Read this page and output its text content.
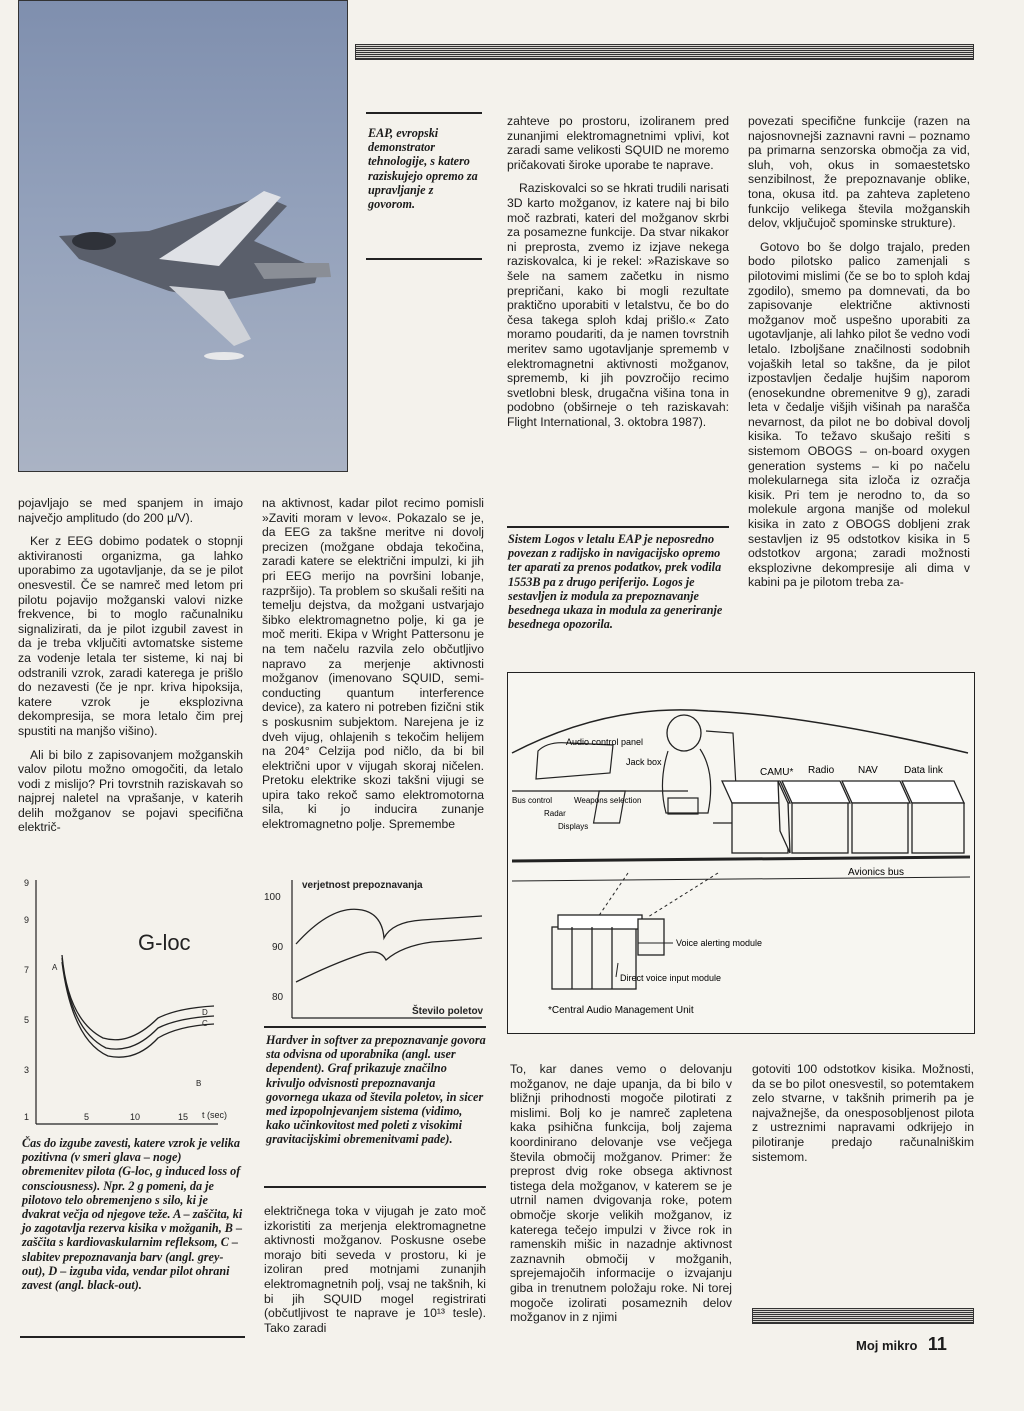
EAP, evropski demonstrator tehnologije, s katero raziskujejo opremo za upravljanje z govorom.

pojavljajo se med spanjem in imajo največjo amplitudo (do 200 µ/V).

Ker z EEG dobimo podatek o stopnji aktiviranosti organizma, ga lahko uporabimo za ugotavljanje, da se je pilot onesvestil. Če se namreč med letom pri pilotu pojavijo možganski valovi nizke frekvence, bi to moglo računalniku signalizirati, da je pilot izgubil zavest in da je treba vključiti avtomatske sisteme za vodenje letala ter sisteme, ki naj bi odstranili vzrok, zaradi katerega je prišlo do nezavesti (če je npr. kriva hipoksija, katere vzrok je eksplozivna dekompresija, se mora letalo čim prej spustiti na manjšo višino).

Ali bi bilo z zapisovanjem možganskih valov pilotu možno omogočiti, da letalo vodi z mislijo? Pri tovrstnih raziskavah so najprej naletel na vprašanje, v katerih delih možganov se pojavi specifična električ-

na aktivnost, kadar pilot recimo pomisli »Zaviti moram v levo«. Pokazalo se je, da EEG za takšne meritve ni dovolj precizen (možgane obdaja tekočina, zaradi katere se električni impulzi, ki jih pri EEG merijo na površini lobanje, razpršijo). Ta problem so skušali rešiti na temelju dejstva, da možgani ustvarjajo šibko elektromagnetno polje, ki ga je moč meriti. Ekipa v Wright Pattersonu je na tem načelu razvila zelo občutljivo napravo za merjenje aktivnosti možganov (imenovano SQUID, semi-conducting quantum interference device), za katero ni potreben fizični stik s poskusnim subjektom. Narejena je iz dveh vijug, ohlajenih s tekočim helijem na 204° Celzija pod ničlo, da bi bil električni upor v vijugah skoraj ničelen. Pretoku elektrike skozi takšni vijugi se upira tako rekoč samo elektromotorna sila, ki jo inducira zunanje elektromagnetno polje. Spremembe

zahteve po prostoru, izoliranem pred zunanjimi elektromagnetnimi vplivi, kot zaradi same velikosti SQUID ne moremo pričakovati široke uporabe te naprave.

Raziskovalci so se hkrati trudili narisati 3D karto možganov, iz katere naj bi bilo moč razbrati, kateri del možganov skrbi za posamezne funkcije. Da stvar nikakor ni preprosta, zvemo iz izjave nekega raziskovalca, ki je rekel: »Raziskave so šele na samem začetku in nismo prepričani, kako bi mogli rezultate praktično uporabiti v letalstvu, če bo do česa takega sploh kdaj prišlo.« Zato moramo poudariti, da je namen tovrstnih meritev samo ugotavljanje sprememb v elektromagnetni aktivnosti možganov, sprememb, ki jih povzročijo recimo svetlobni blesk, drugačna višina tona in podobno (obširneje o teh raziskavah: Flight International, 3. oktobra 1987).

povezati specifične funkcije (razen na najosnovnejši zaznavni ravni – poznamo pa primarna senzorska območja za vid, sluh, voh, okus in somaestetsko senzibilnost, že prepoznavanje oblike, tona, okusa itd. pa zahteva zapleteno funkcijo velikega števila možganskih delov, vključujoč spominske strukture).

Gotovo bo še dolgo trajalo, preden bodo pilotsko palico zamenjali s pilotovimi mislimi (če se bo to sploh kdaj zgodilo), smemo pa domnevati, da bo zapisovanje električne aktivnosti možganov moč uspešno uporabiti za ugotavljanje, ali lahko pilot še vedno vodi letalo. Izboljšane značilnosti sodobnih vojaških letal so takšne, da je pilot izpostavljen čedalje hujšim naporom (enosekundne obremenitve 9 g), zaradi leta v čedalje višjih višinah pa narašča nevarnost, da pilot ne bo dobival dovolj kisika. To težavo skušajo rešiti s sistemom OBOGS – on-board oxygen generation systems – ki po načelu molekularnega sita izloča iz ozračja kisik. Pri tem je nerodno to, da so molekule argona manjše od molekul kisika in zato z OBOGS dobljeni zrak sestavljen iz 95 odstotkov kisika in 5 odstotkov argona; zaradi možnosti eksplozivne dekompresije ali dima v kabini pa je pilotom treba za-

Sistem Logos v letalu EAP je neposredno povezan z radijsko in navigacijsko opremo ter aparati za prenos podatkov, prek vodila 1553B pa z drugo periferijo. Logos je sestavljen iz modula za prepoznavanje besednega ukaza in modula za generiranje besednega opozorila.

Audio control panel
Jack box
Bus control
Radar
Weapons selection
Displays
CAMU* Radio NAV	Data link
Avionics bus
Voice alerting module
Direct voice input module
*Central Audio Management Unit
9
9
7
5
3
1	5	10	15 t (sec)
G-loc
A
B
C
D

Čas do izgube zavesti, katere vzrok je velika pozitivna (v smeri glava – noge) obremenitev pilota (G-loc, g induced loss of consciousness). Npr. 2 g pomeni, da je pilotovo telo obremenjeno s silo, ki je dvakrat večja od njegove teže. A – zaščita, ki jo zagotavlja rezerva kisika v možganih, B – zaščita s kardiovaskularnim refleksom, C – slabitev prepoznavanja barv (angl. grey-out), D – izguba vida, vendar pilot ohrani zavest (angl. black-out).

100
90
80
verjetnost prepoznavanja
Število poletov

Hardver in softver za prepoznavanje govora sta odvisna od uporabnika (angl. user dependent). Graf prikazuje značilno krivuljo odvisnosti prepoznavanja govornega ukaza od števila poletov, in sicer med izpopolnjevanjem sistema (vidimo, kako učinkovitost med poleti z visokimi gravitacijskimi obremenitvami pade).

električnega toka v vijugah je zato moč izkoristiti za merjenja elektromagnetne aktivnosti možganov. Poskusne osebe morajo biti seveda v prostoru, ki je izoliran pred motnjami zunanjih elektromagnetnih polj, vsaj ne takšnih, ki bi jih SQUID mogel registrirati (občutljivost te naprave je 10¹³ tesle). Tako zaradi

To, kar danes vemo o delovanju možganov, ne daje upanja, da bi bilo v bližnji prihodnosti mogoče pilotirati z mislimi. Bolj ko je namreč zapletena kaka psihična funkcija, bolj zajema koordinirano delovanje vse večjega števila območij možganov. Primer: že preprost dvig roke obsega aktivnost tistega dela možganov, v katerem se je utrnil namen dvigovanja roke, potem območje skorje velikih možganov, iz katerega tečejo impulzi v živce rok in ramenskih mišic in nazadnje aktivnost zaznavnih območij v možganih, sprejemajočih informacije o izvajanju giba in trenutnem položaju roke. Ni torej mogoče izolirati posameznih delov možganov in z njimi

gotoviti 100 odstotkov kisika. Možnosti, da se bo pilot onesvestil, so potemtakem zelo stvarne, v takšnih primerih pa je najvažnejše, da onesposobljenost pilota z ustreznimi napravami odkrijejo in pilotiranje predajo računalniškim sistemom.

Moj mikro 11
